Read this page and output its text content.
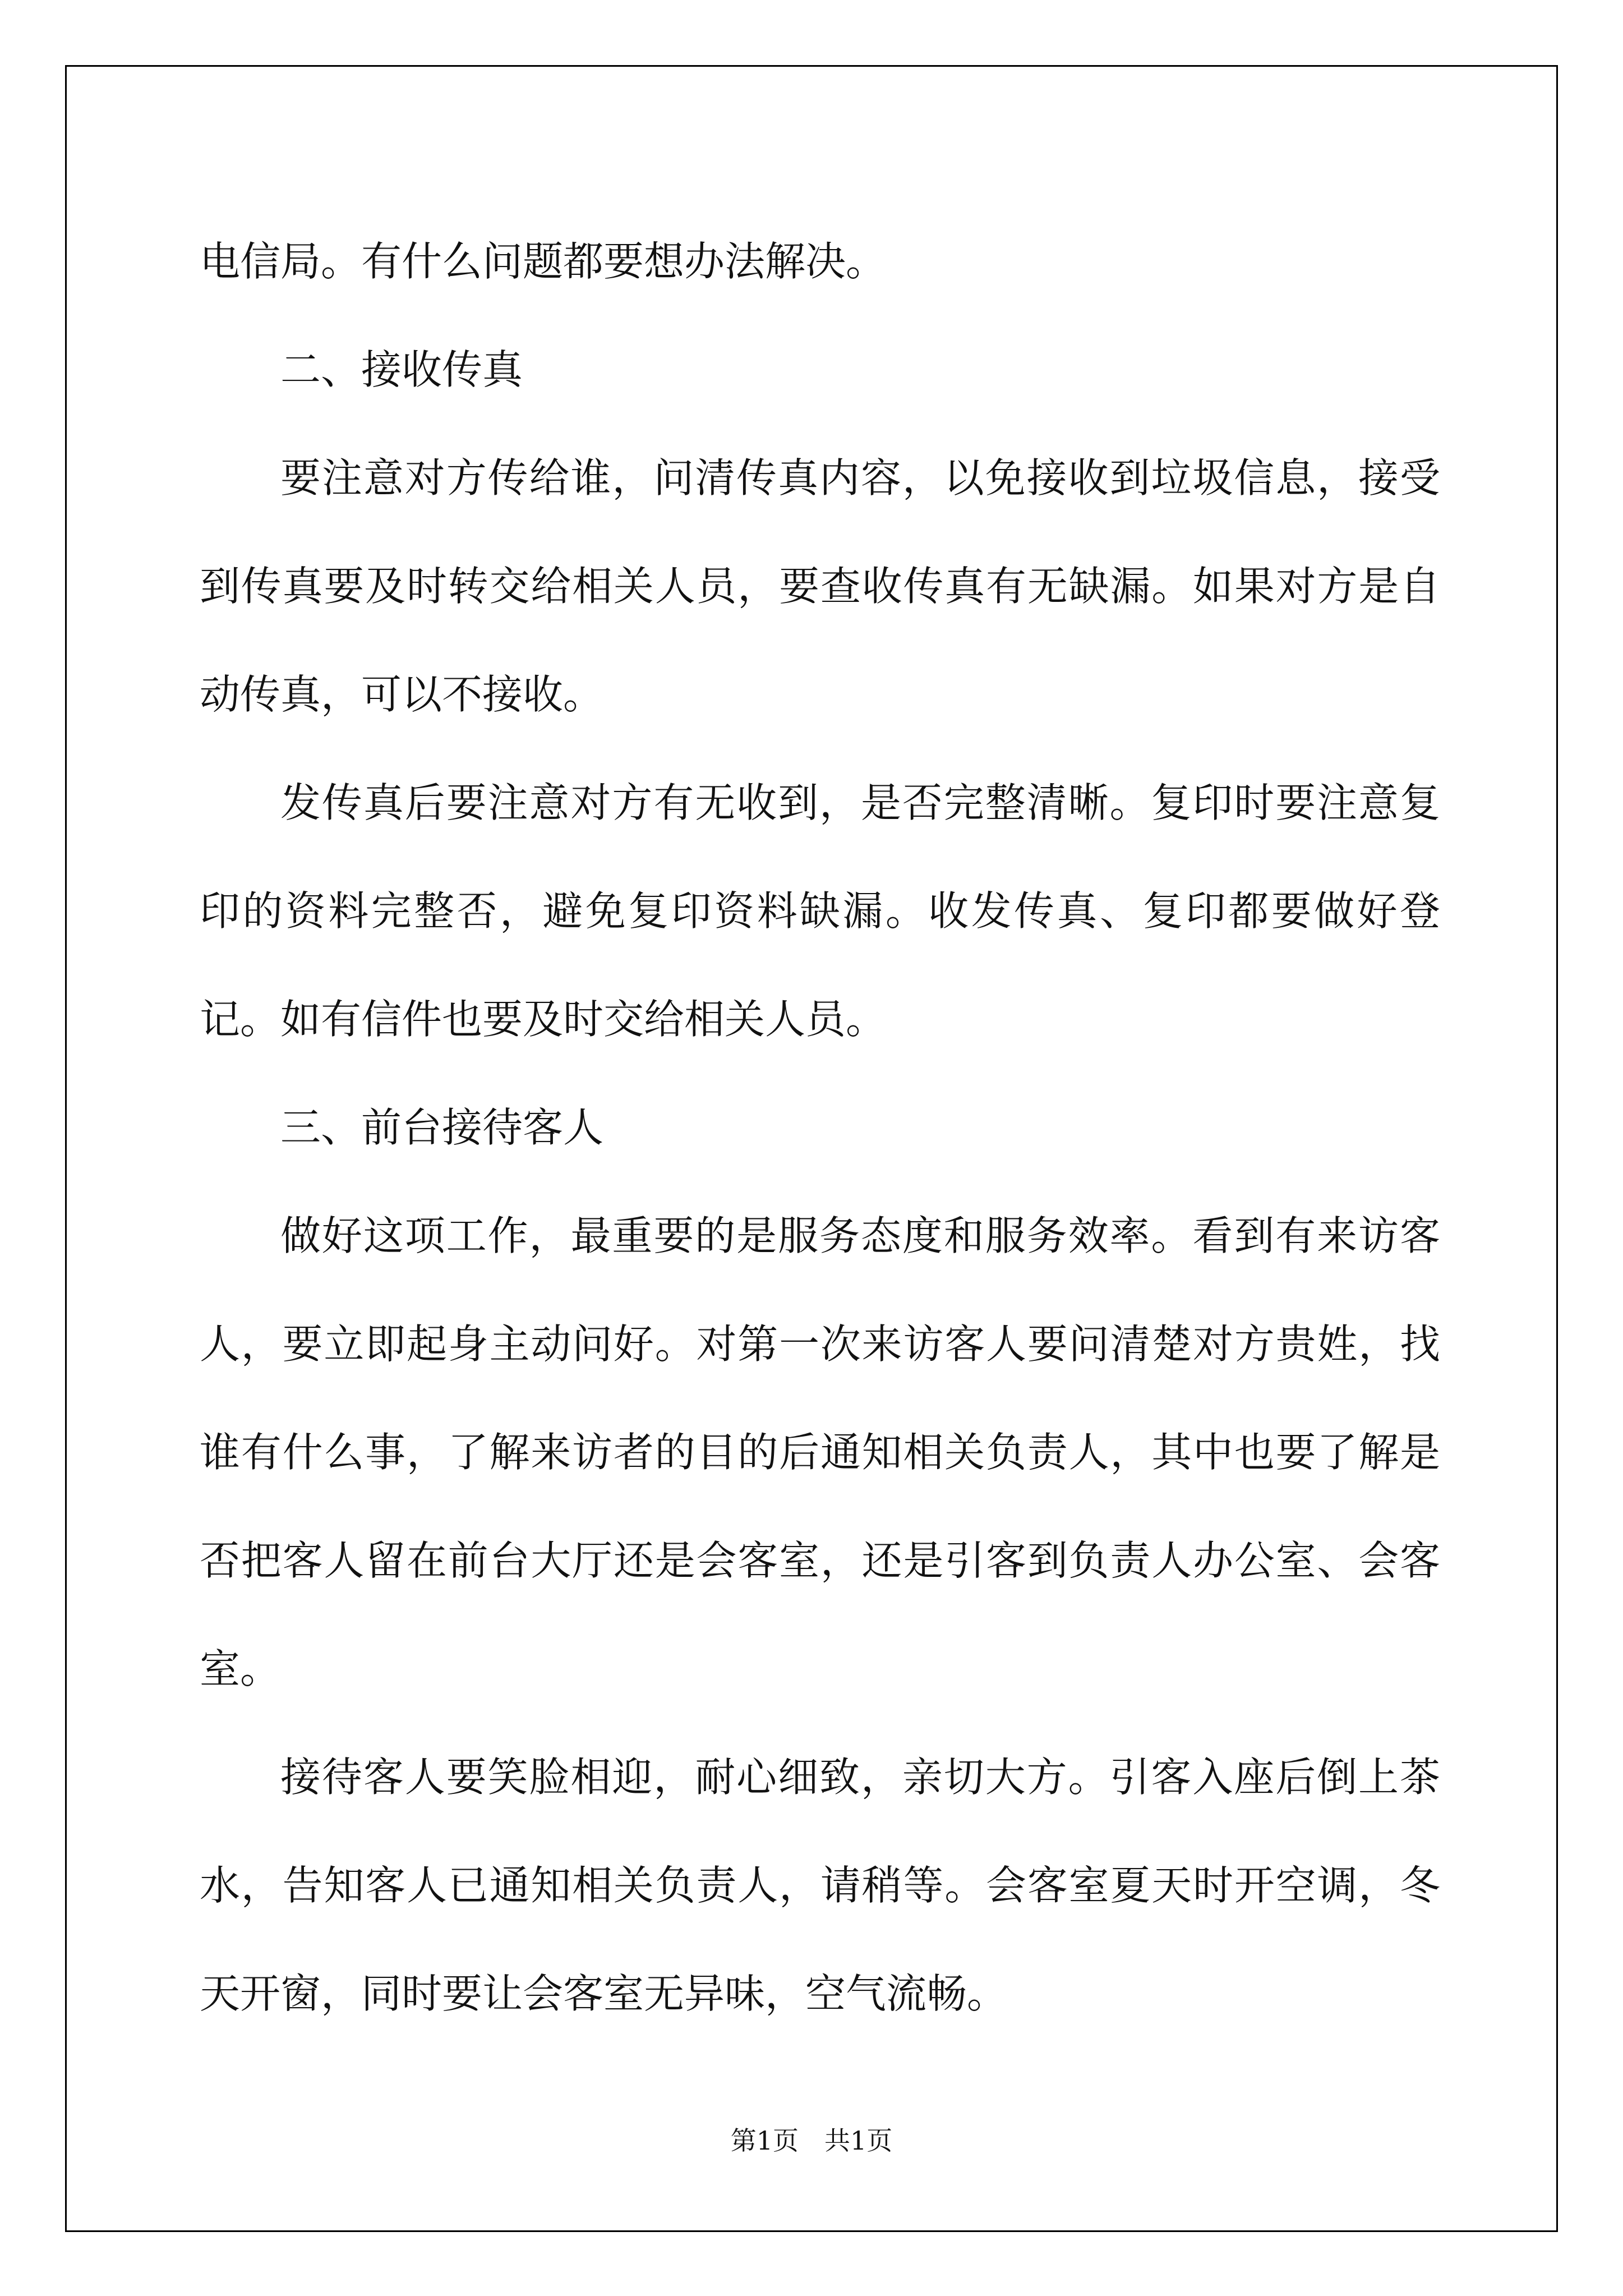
电信局。有什么问题都要想办法解决。

二、接收传真

要注意对方传给谁，问清传真内容，以免接收到垃圾信息，接受到传真要及时转交给相关人员，要查收传真有无缺漏。如果对方是自动传真，可以不接收。

发传真后要注意对方有无收到，是否完整清晰。复印时要注意复印的资料完整否，避免复印资料缺漏。收发传真、复印都要做好登记。如有信件也要及时交给相关人员。

三、前台接待客人

做好这项工作，最重要的是服务态度和服务效率。看到有来访客人，要立即起身主动问好。对第一次来访客人要问清楚对方贵姓，找谁有什么事，了解来访者的目的后通知相关负责人，其中也要了解是否把客人留在前台大厅还是会客室，还是引客到负责人办公室、会客室。

接待客人要笑脸相迎，耐心细致，亲切大方。引客入座后倒上茶水，告知客人已通知相关负责人，请稍等。会客室夏天时开空调，冬天开窗，同时要让会客室无异味，空气流畅。

第1页　共1页
